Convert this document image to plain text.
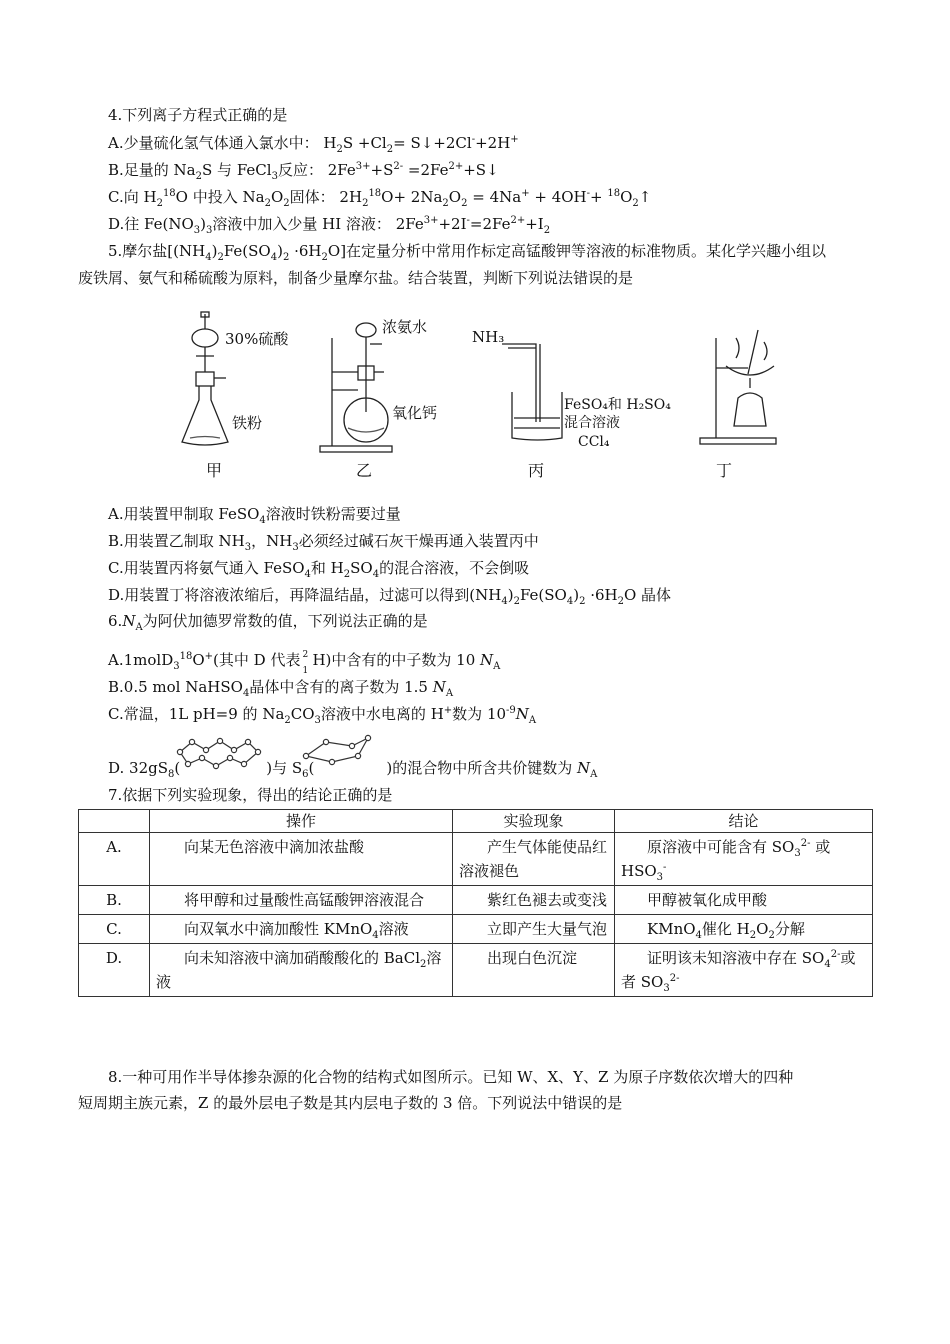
4.下列离子方程式正确的是
A.少量硫化氢气体通入氯水中： $H_2S +Cl_2=$ S↓+2Cl-+2H+
B.足量的 $Na_2S$ 与 FeCl$_3$反应： $2Fe^{3+}+S^{2-}$ $=2Fe^{2+}+S↓$
C.向 $H_2^{18}O$ 中投入 $Na_2O_2$固体： $2H_2^{18}O+ 2Na_2O_2 = 4Na^+ + 4OH^-+$ $^{18}O_2↑$
D.往 $Fe(NO_3)_3$溶液中加入少量 HI 溶液： $2Fe^{3+}+2I^-=2Fe^{2+}+I_2$
5.摩尔盐$[(NH_4)_2Fe(SO_4)_2 \cdot 6H_2O]$在定量分析中常用作标定高锰酸钾等溶液的标准物质。某化学兴趣小组以
废铁屑、氨气和稀硫酸为原料，制备少量摩尔盐。结合装置，判断下列说法错误的是
30%硫酸
铁粉
浓氨水
氧化钙
NH₃
FeSO₄和 H₂SO₄
混合溶液
CCl₄
甲	乙	丙	丁
A.用装置甲制取 FeSO$_4$溶液时铁粉需要过量
B.用装置乙制取 $NH_3$，$NH_3$必须经过碱石灰干燥再通入装置丙中
C.用装置丙将氨气通入 FeSO$_4$和 $H_2SO_4$的混合溶液，不会倒吸
D.用装置丁将溶液浓缩后，再降温结晶，过滤可以得到$(NH_4)_2Fe(SO_4)_2 \cdot 6H_2O$ 晶体
$6.N_A$为阿伏加德罗常数的值，下列说法正确的是
A.1molD$_3^{18}$O+(其中 D 代表 2
1
H)中含有的中子数为 10 $N_A$
B.0.5 mol NaHSO$_4$晶体中含有的离子数为 1.5 $N_A$
C.常温，1L pH=9 的 $Na_2CO_3$溶液中水电离的 H+数为 $10^{-9}N_A$
D. $32gS_8$(	)与 $S_6$(	)的混合物中所含共价键数为 $N_A$
7.依据下列实验现象，得出的结论正确的是
	操作	实验现象	结论
A.	向某无色溶液中滴加浓盐酸	产生气体能使品红溶液褪色	原溶液中可能含有 $SO_3^{2-}$ 或 $HSO_3^-$
B.	将甲醇和过量酸性高锰酸钾溶液混合	紫红色褪去或变浅	甲醇被氧化成甲酸
C.	向双氧水中滴加酸性 KMnO$_4$溶液	立即产生大量气泡	KMnO$_4$催化 $H_2O_2$分解
D.	向未知溶液中滴加硝酸酸化的 BaCl$_2$溶液	出现白色沉淀	证明该未知溶液中存在 $SO_4^{2-}$或者 $SO_3^{2-}$
8.一种可用作半导体掺杂源的化合物的结构式如图所示。已知 W、X、Y、Z 为原子序数依次增大的四种
短周期主族元素，Z 的最外层电子数是其内层电子数的 3 倍。下列说法中错误的是
